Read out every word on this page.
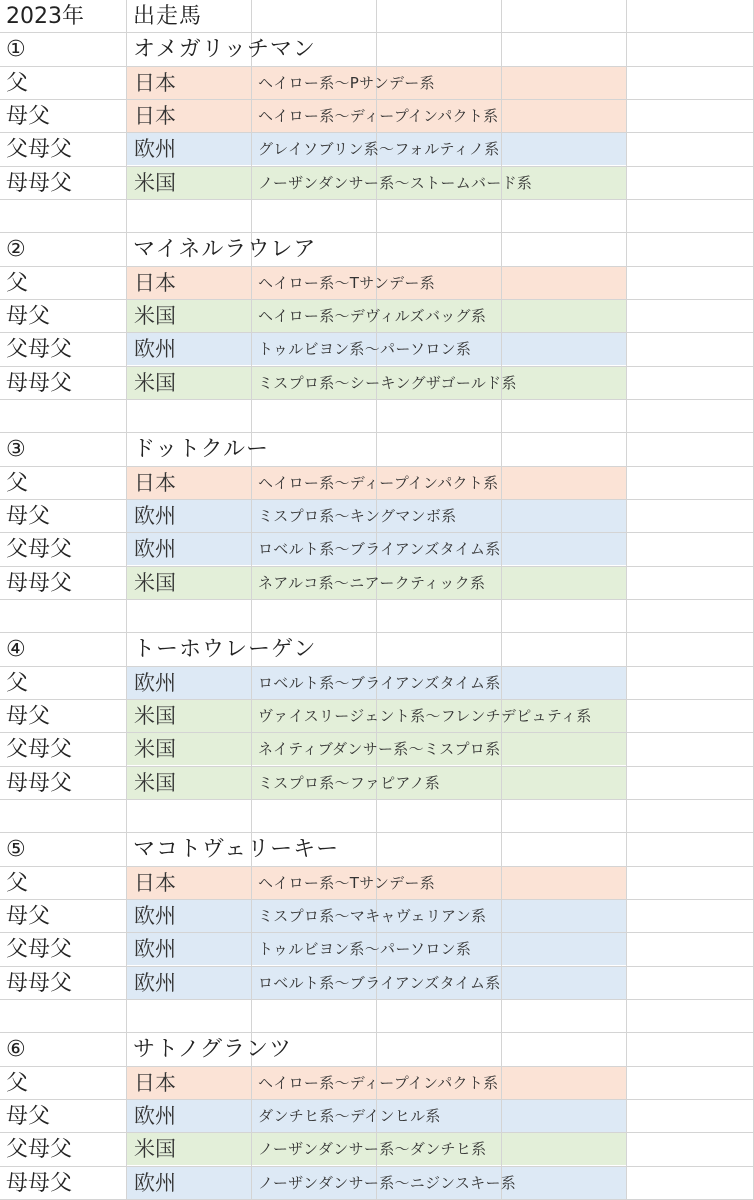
2023年 出走馬
①	オメガリッチマン
父	日本	ヘイロー系～Pサンデー系
母父	日本	ヘイロー系～ディープインパクト系
父母父	欧州	グレイソブリン系～フォルティノ系
母母父	米国	ノーザンダンサー系～ストームバード系
②	マイネルラウレア
父	日本	ヘイロー系～Tサンデー系
母父	米国	ヘイロー系～デヴィルズバッグ系
父母父	欧州	トゥルビヨン系～パーソロン系
母母父	米国	ミスプロ系～シーキングザゴールド系
③	ドットクルー
父	日本	ヘイロー系～ディープインパクト系
母父	欧州	ミスプロ系～キングマンボ系
父母父	欧州	ロベルト系～ブライアンズタイム系
母母父	米国	ネアルコ系～ニアークティック系
④	トーホウレーゲン
父	欧州	ロベルト系～ブライアンズタイム系
母父	米国	ヴァイスリージェント系～フレンチデピュティ系
父母父	米国	ネイティブダンサー系～ミスプロ系
母母父	米国	ミスプロ系～ファピアノ系
⑤	マコトヴェリーキー
父	日本	ヘイロー系～Tサンデー系
母父	欧州	ミスプロ系～マキャヴェリアン系
父母父	欧州	トゥルビヨン系～パーソロン系
母母父	欧州	ロベルト系～ブライアンズタイム系
⑥	サトノグランツ
父	日本	ヘイロー系～ディープインパクト系
母父	欧州	ダンチヒ系～デインヒル系
父母父	米国	ノーザンダンサー系～ダンチヒ系
母母父	欧州	ノーザンダンサー系～ニジンスキー系
